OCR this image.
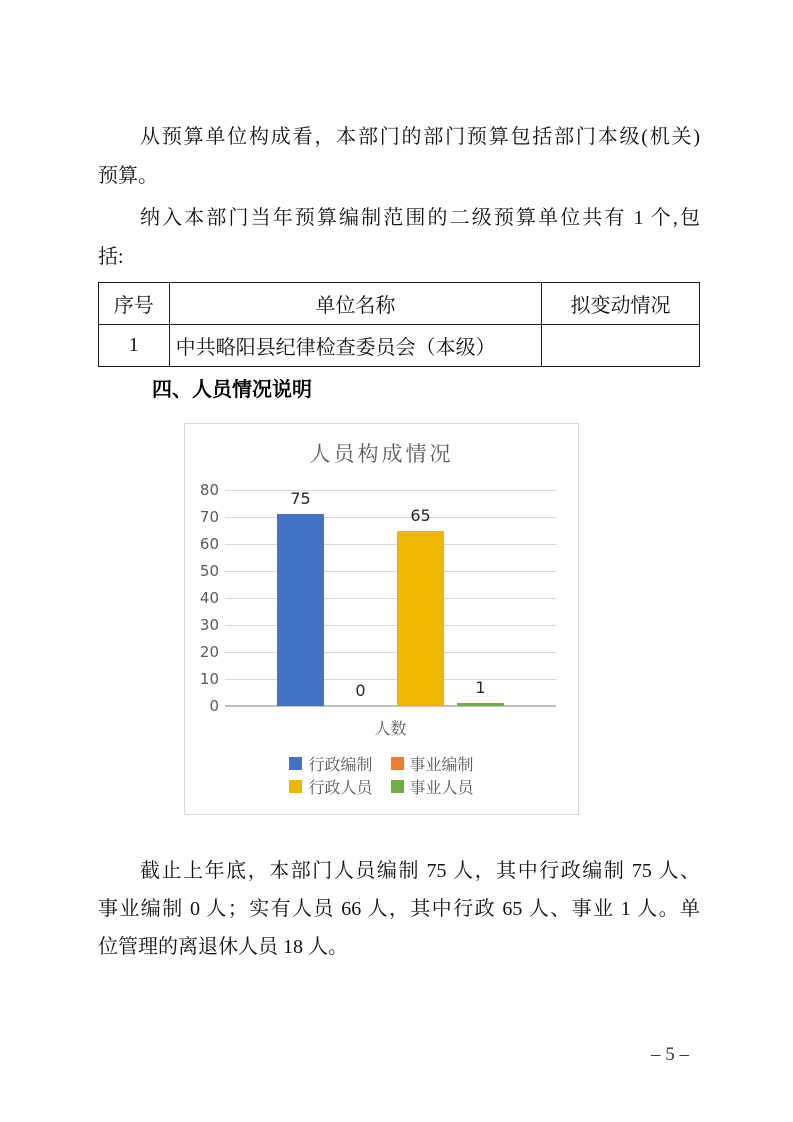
从预算单位构成看，本部门的部门预算包括部门本级(机关)
预算。
纳入本部门当年预算编制范围的二级预算单位共有 1 个,包
括:
序号	单位名称	拟变动情况
1	中共略阳县纪律检查委员会（本级）	
四、人员情况说明
人员构成情况
0
10
20
30
40
50
60
70
80	75
0
65
1
人数
行政编制 事业编制
行政人员 事业人员
截止上年底，本部门人员编制 75 人，其中行政编制 75 人、
事业编制 0 人；实有人员 66 人，其中行政 65 人、事业 1 人。单
位管理的离退休人员 18 人。
– 5 –
